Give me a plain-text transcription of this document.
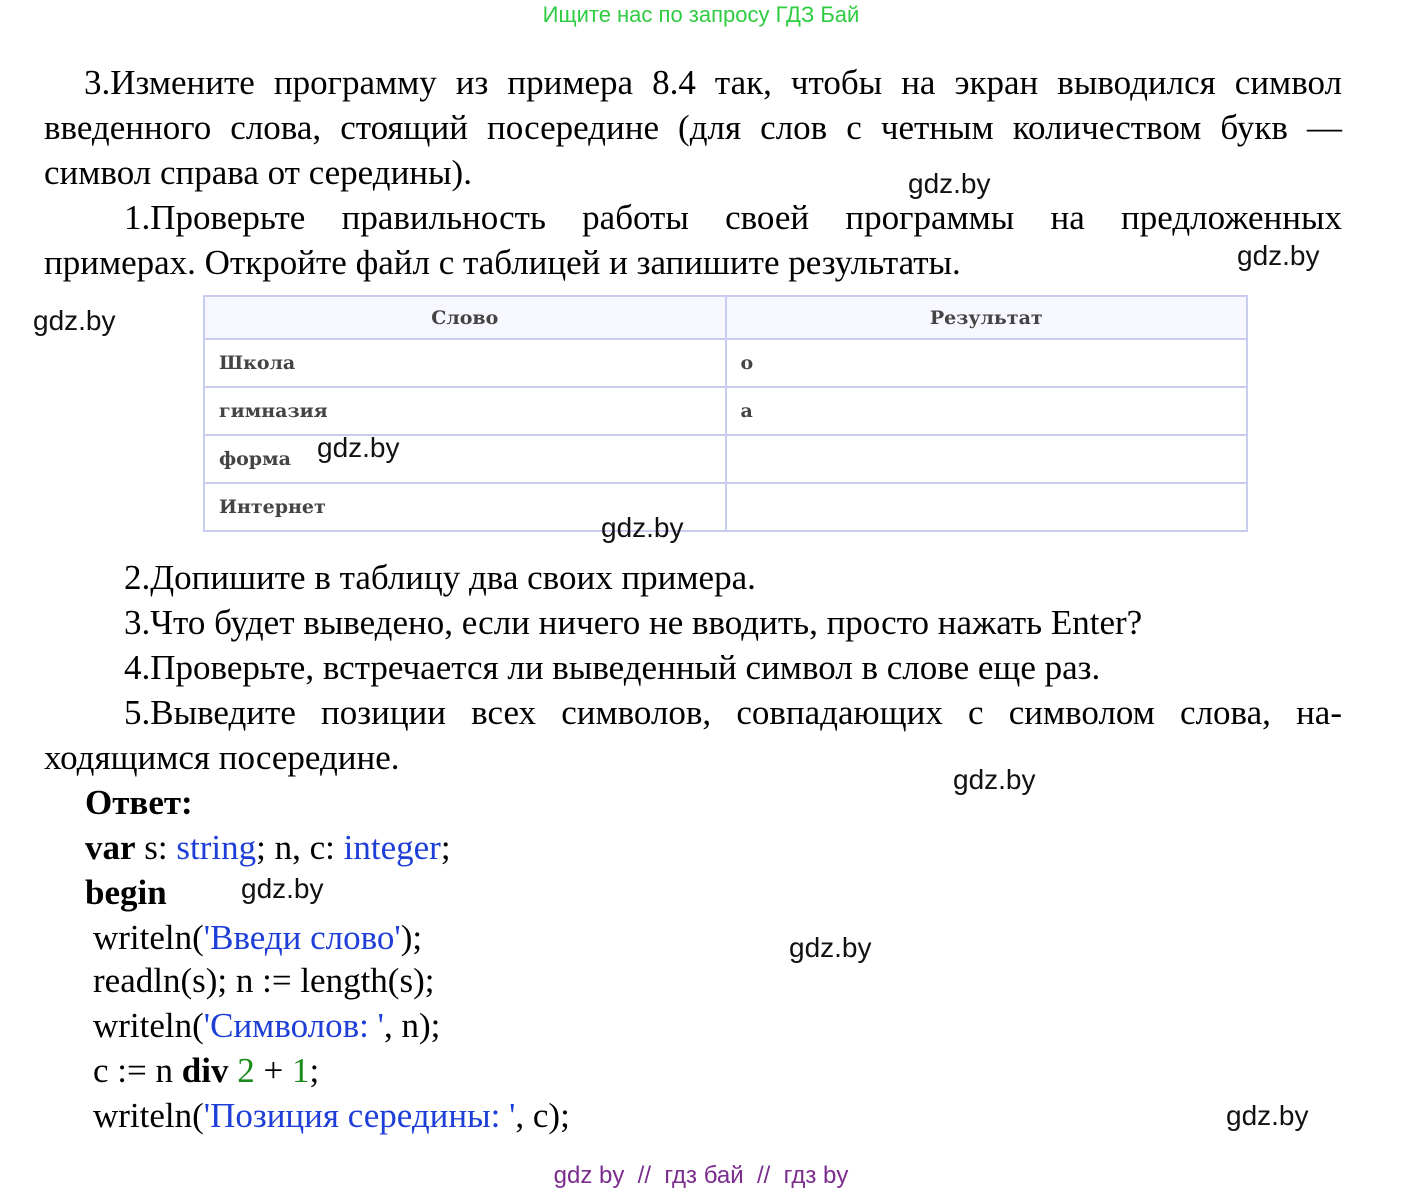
Ищите нас по запросу ГДЗ Бай

3.Измените программу из примера 8.4 так, чтобы на экран выводился символ введенного слова, стоящий посередине (для слов с четным количеством букв — символ справа от середины).

1.Проверьте правильность работы своей программы на предложенных
примерах. Откройте файл с таблицей и запишите результаты.
Слово	Результат
Школа	о
гимназия	а
форма	
Интернет	
2.Допишите в таблицу два своих примера.
3.Что будет выведено, если ничего не вводить, просто нажать Enter?
4.Проверьте, встречается ли выведенный символ в слове еще раз.
5.Выведите позиции всех символов, совпадающих с символом слова, на-
ходящимся посередине.
Ответ:
var s: string; n, c: integer;
begin
writeln('Введи слово');
readln(s); n := length(s);
writeln('Символов: ', n);
c := n div 2 + 1;
writeln('Позиция середины: ', c);
gdz.by
gdz.by
gdz.by
gdz.by
gdz.by
gdz.by
gdz.by
gdz.by
gdz.by
gdz by  //  гдз бай  //  гдз by
